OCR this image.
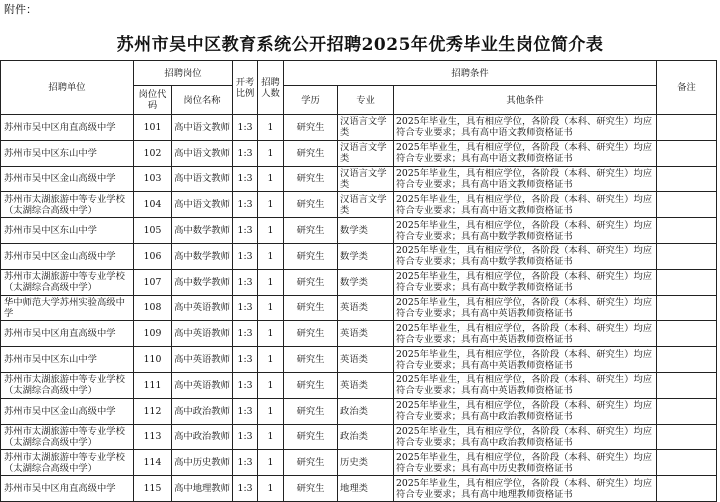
附件：
苏州市吴中区教育系统公开招聘2025年优秀毕业生岗位简介表
招聘单位	招聘岗位		开考比例	招聘人数	招聘条件			备注
	岗位代码	岗位名称			学历	专业	其他条件	
苏州市吴中区甪直高级中学	101	高中语文教师	1:3	1	研究生	汉语言文学类	2025年毕业生，具有相应学位，各阶段（本科、研究生）均应符合专业要求；具有高中语文教师资格证书	
苏州市吴中区东山中学	102	高中语文教师	1:3	1	研究生	汉语言文学类	2025年毕业生，具有相应学位，各阶段（本科、研究生）均应符合专业要求；具有高中语文教师资格证书	
苏州市吴中区金山高级中学	103	高中语文教师	1:3	1	研究生	汉语言文学类	2025年毕业生，具有相应学位，各阶段（本科、研究生）均应符合专业要求；具有高中语文教师资格证书	
苏州市太湖旅游中等专业学校（太湖综合高级中学）	104	高中语文教师	1:3	1	研究生	汉语言文学类	2025年毕业生，具有相应学位，各阶段（本科、研究生）均应符合专业要求；具有高中语文教师资格证书	
苏州市吴中区东山中学	105	高中数学教师	1:3	1	研究生	数学类	2025年毕业生，具有相应学位，各阶段（本科、研究生）均应符合专业要求；具有高中数学教师资格证书	
苏州市吴中区金山高级中学	106	高中数学教师	1:3	1	研究生	数学类	2025年毕业生，具有相应学位，各阶段（本科、研究生）均应符合专业要求；具有高中数学教师资格证书	
苏州市太湖旅游中等专业学校（太湖综合高级中学）	107	高中数学教师	1:3	1	研究生	数学类	2025年毕业生，具有相应学位，各阶段（本科、研究生）均应符合专业要求；具有高中数学教师资格证书	
华中师范大学苏州实验高级中学	108	高中英语教师	1:3	1	研究生	英语类	2025年毕业生，具有相应学位，各阶段（本科、研究生）均应符合专业要求；具有高中英语教师资格证书	
苏州市吴中区甪直高级中学	109	高中英语教师	1:3	1	研究生	英语类	2025年毕业生，具有相应学位，各阶段（本科、研究生）均应符合专业要求；具有高中英语教师资格证书	
苏州市吴中区东山中学	110	高中英语教师	1:3	1	研究生	英语类	2025年毕业生，具有相应学位，各阶段（本科、研究生）均应符合专业要求；具有高中英语教师资格证书	
苏州市太湖旅游中等专业学校（太湖综合高级中学）	111	高中英语教师	1:3	1	研究生	英语类	2025年毕业生，具有相应学位，各阶段（本科、研究生）均应符合专业要求；具有高中英语教师资格证书	
苏州市吴中区金山高级中学	112	高中政治教师	1:3	1	研究生	政治类	2025年毕业生，具有相应学位，各阶段（本科、研究生）均应符合专业要求；具有高中政治教师资格证书	
苏州市太湖旅游中等专业学校（太湖综合高级中学）	113	高中政治教师	1:3	1	研究生	政治类	2025年毕业生，具有相应学位，各阶段（本科、研究生）均应符合专业要求；具有高中政治教师资格证书	
苏州市太湖旅游中等专业学校（太湖综合高级中学）	114	高中历史教师	1:3	1	研究生	历史类	2025年毕业生，具有相应学位，各阶段（本科、研究生）均应符合专业要求；具有高中历史教师资格证书	
苏州市吴中区甪直高级中学	115	高中地理教师	1:3	1	研究生	地理类	2025年毕业生，具有相应学位，各阶段（本科、研究生）均应符合专业要求；具有高中地理教师资格证书	
